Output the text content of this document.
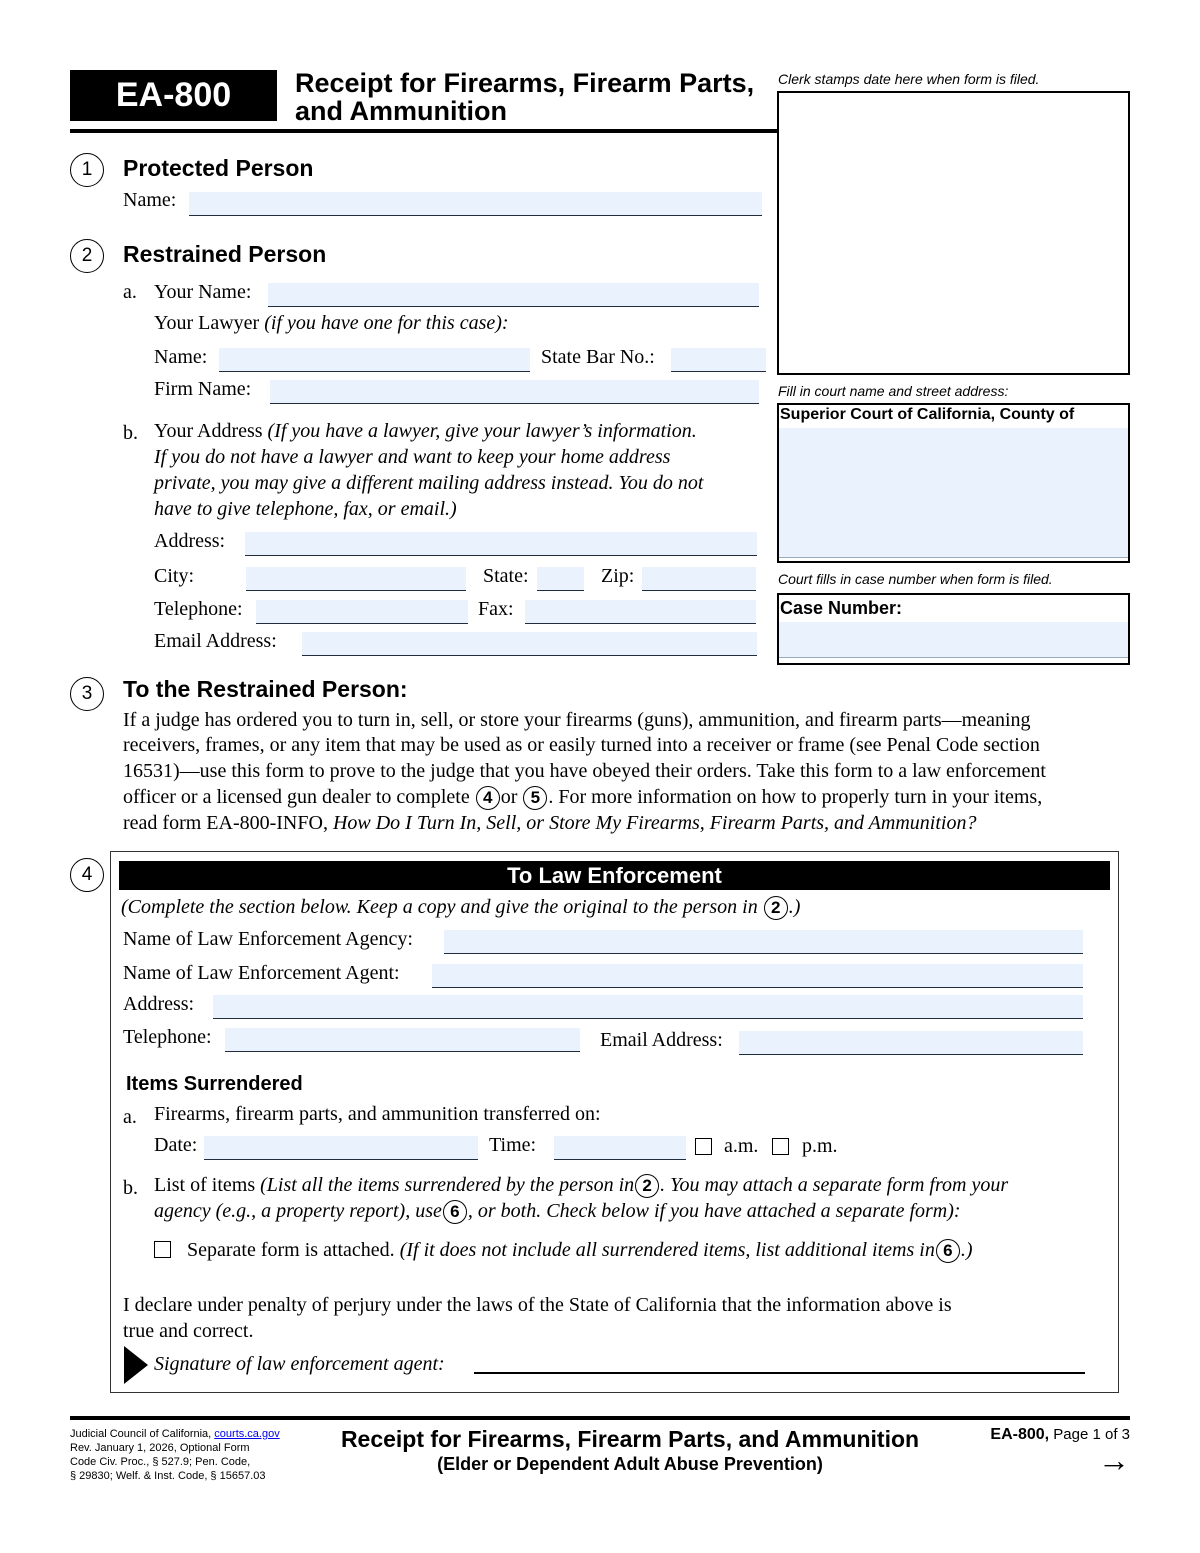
EA-800	Receipt for Firearms, Firearm Parts,
and Ammunition
Clerk stamps date here when form is filed.
Fill in court name and street address:
Superior Court of California, County of
Court fills in case number when form is filed.
Case Number:
1	Protected Person
Name:
2	Restrained Person
a. Your Name:
Your Lawyer (if you have one for this case):
Name:	State Bar No.:
Firm Name:
b. Your Address (If you have a lawyer, give your lawyer’s information.
If you do not have a lawyer and want to keep your home address
private, you may give a different mailing address instead. You do not
have to give telephone, fax, or email.)
Address:
City:	State:	Zip:
Telephone:	Fax:
Email Address:
3	To the Restrained Person:
If a judge has ordered you to turn in, sell, or store your firearms (guns), ammunition, and firearm parts—meaning
receivers, frames, or any item that may be used as or easily turned into a receiver or frame (see Penal Code section
16531)—use this form to prove to the judge that you have obeyed their orders. Take this form to a law enforcement
officer or a licensed gun dealer to complete 4 or 5 . For more information on how to properly turn in your items,
read form EA-800-INFO, How Do I Turn In, Sell, or Store My Firearms, Firearm Parts, and Ammunition?
4	To Law Enforcement
(Complete the section below. Keep a copy and give the original to the person in 2 .)
Name of Law Enforcement Agency:
Name of Law Enforcement Agent:
Address:
Telephone:	Email Address:
Items Surrendered
a. Firearms, firearm parts, and ammunition transferred on:
Date:	Time:	a.m. p.m.
b. List of items (List all the items surrendered by the person in 2 . You may attach a separate form from your
agency (e.g., a property report), use 6 , or both. Check below if you have attached a separate form):
Separate form is attached. (If it does not include all surrendered items, list additional items in 6 .)
I declare under penalty of perjury under the laws of the State of California that the information above is
true and correct.
Signature of law enforcement agent:
Judicial Council of California, courts.ca.gov
Rev. January 1, 2026, Optional Form
Code Civ. Proc., § 527.9; Pen. Code,
§ 29830; Welf. & Inst. Code, § 15657.03
Receipt for Firearms, Firearm Parts, and Ammunition
(Elder or Dependent Adult Abuse Prevention)
EA-800, Page 1 of 3
→
